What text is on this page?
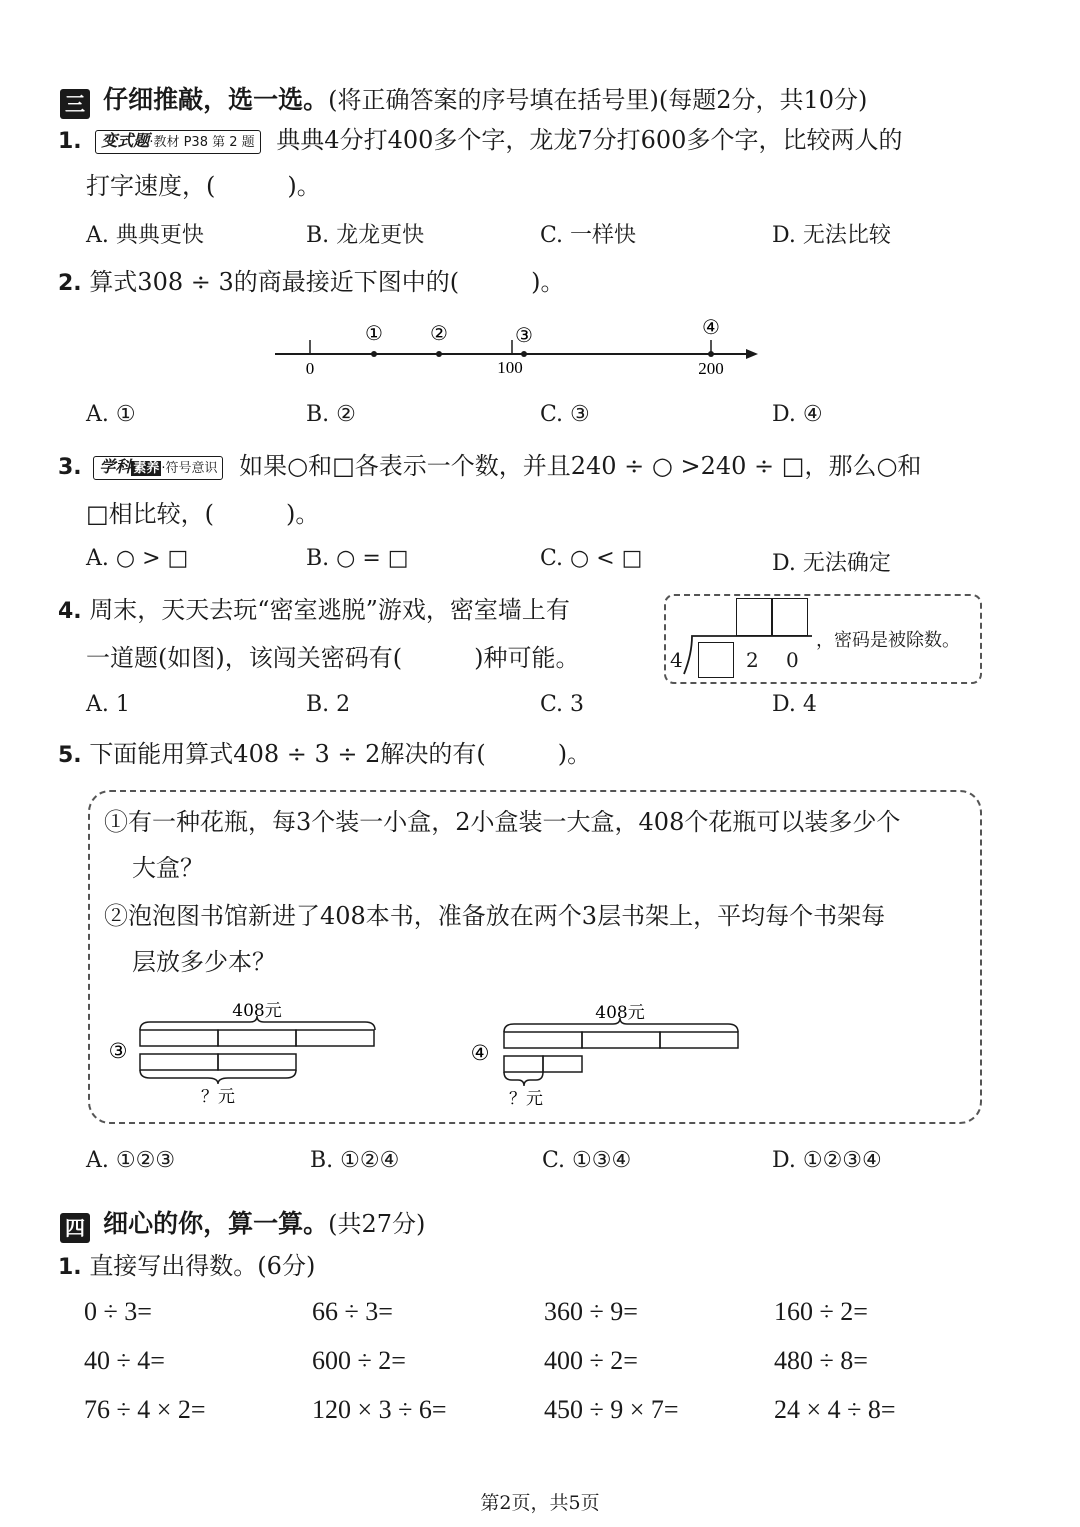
三 仔细推敲，选一选。(将正确答案的序号填在括号里)(每题2分，共10分)
1. 变式题·教材 P38 第 2 题 典典4分打400多个字，龙龙7分打600多个字，比较两人的
打字速度，(　　　)。
A. 典典更快	B. 龙龙更快	C. 一样快	D. 无法比较
2. 算式308 ÷ 3的商最接近下图中的(　　　)。
① ②	③	④
0	100	200
A. ①	B. ②	C. ③	D. ④
3. 学科 素养 ·符号意识 如果○和□各表示一个数，并且240 ÷ ○ >240 ÷ □，那么○和
□相比较，(　　　)。
A. ○ > □	B. ○ = □	C. ○ < □	D. 无法确定
4. 周末，天天去玩“密室逃脱”游戏，密室墙上有
一道题(如图)，该闯关密码有(　　　)种可能。	4	2 0
，密码是被除数。
A. 1	B. 2	C. 3	D. 4
5. 下面能用算式408 ÷ 3 ÷ 2解决的有(　　　)。
①有一种花瓶，每3个装一小盒，2小盒装一大盒，408个花瓶可以装多少个
大盒？
②泡泡图书馆新进了408本书，准备放在两个3层书架上，平均每个书架每
层放多少本？
③
408元
？元
④
408元
？元
A. ①②③	B. ①②④	C. ①③④	D. ①②③④
四 细心的你，算一算。(共27分)
1. 直接写出得数。(6分)
0 ÷ 3=	66 ÷ 3=	360 ÷ 9=	160 ÷ 2=
40 ÷ 4=	600 ÷ 2=	400 ÷ 2=	480 ÷ 8=
76 ÷ 4 × 2=	120 × 3 ÷ 6=	450 ÷ 9 × 7=	24 × 4 ÷ 8=
第2页，共5页
